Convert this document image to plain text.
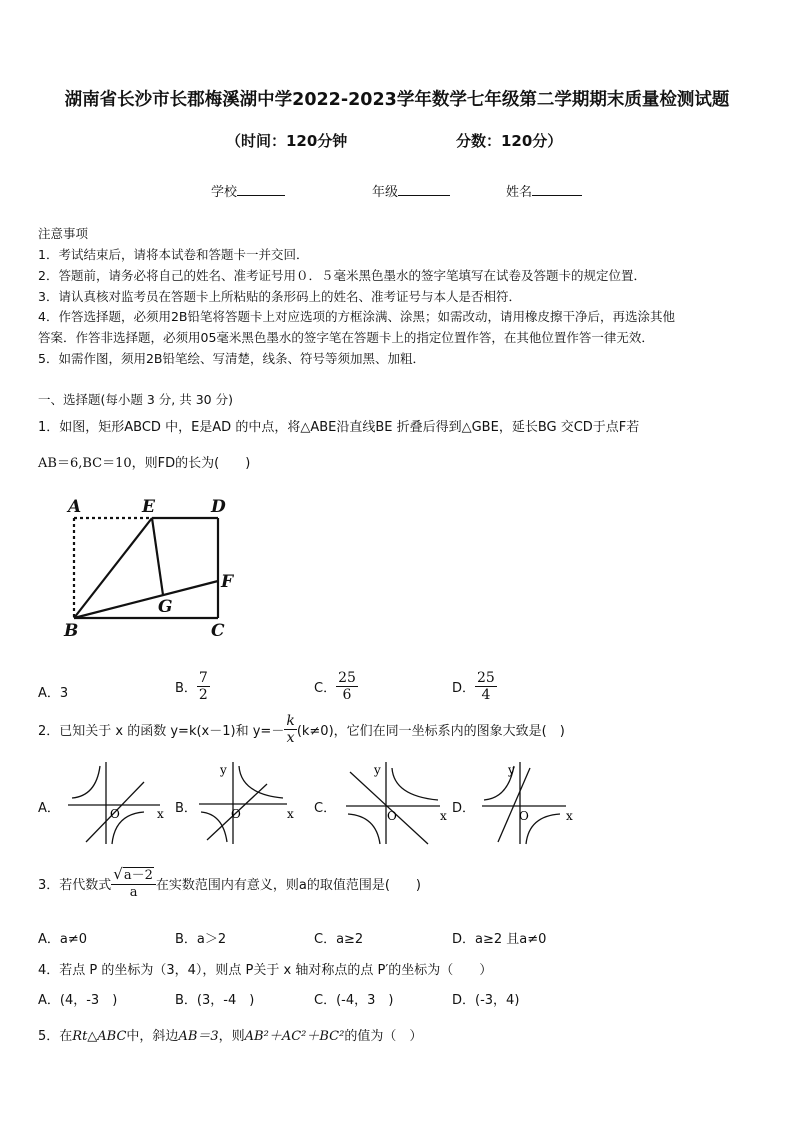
湖南省长沙市长郡梅溪湖中学2022-2023学年数学七年级第二学期期末质量检测试题
（时间：120分钟	分数：120分）
学校	年级	姓名
注意事项
1．考试结束后，请将本试卷和答题卡一并交回．
2．答题前，请务必将自己的姓名、准考证号用０．５毫米黑色墨水的签字笔填写在试卷及答题卡的规定位置．
3．请认真核对监考员在答题卡上所粘贴的条形码上的姓名、准考证号与本人是否相符．
4．作答选择题，必须用2B铅笔将答题卡上对应选项的方框涂满、涂黑；如需改动，请用橡皮擦干净后，再选涂其他
答案．作答非选择题，必须用05毫米黑色墨水的签字笔在答题卡上的指定位置作答，在其他位置作答一律无效．
5．如需作图，须用2B铅笔绘、写清楚，线条、符号等须加黑、加粗．
一、选择题(每小题 3 分, 共 30 分)
1．如图，矩形ABCD 中，E是AD 的中点，将△ABE沿直线BE 折叠后得到△GBE，延长BG 交CD于点F若
AB＝6,BC＝10，则FD的长为(　　)
A	E	D
F
G
B	C
A．3	B． $\frac{7}{2}$	C． $\frac{25}{6}$	D． $\frac{25}{4}$
2．已知关于 x 的函数 y=k(x－1)和 $y=- \frac{k}{x} (k\ne 0)$，它们在同一坐标系内的图象大致是(　)
A．	O	x B．	O	x
y
C．	O	x
y
D．	O	x
y
3．若代数式 $\frac{√a-2}{a}$ 在实数范围内有意义，则a的取值范围是(　　)
A．a≠0	B．a＞2	C．a≥2	D．a≥2 且a≠0
4．若点 P 的坐标为（3，4），则点 P关于 x 轴对称点的点 P′的坐标为（　　）
A．(4，-3　)	B．(3，-4　)	C．(-4，3　)	D．(-3，4)
5．在Rt△ABC中，斜边AB＝3，则AB²＋AC²＋BC²的值为（　）
